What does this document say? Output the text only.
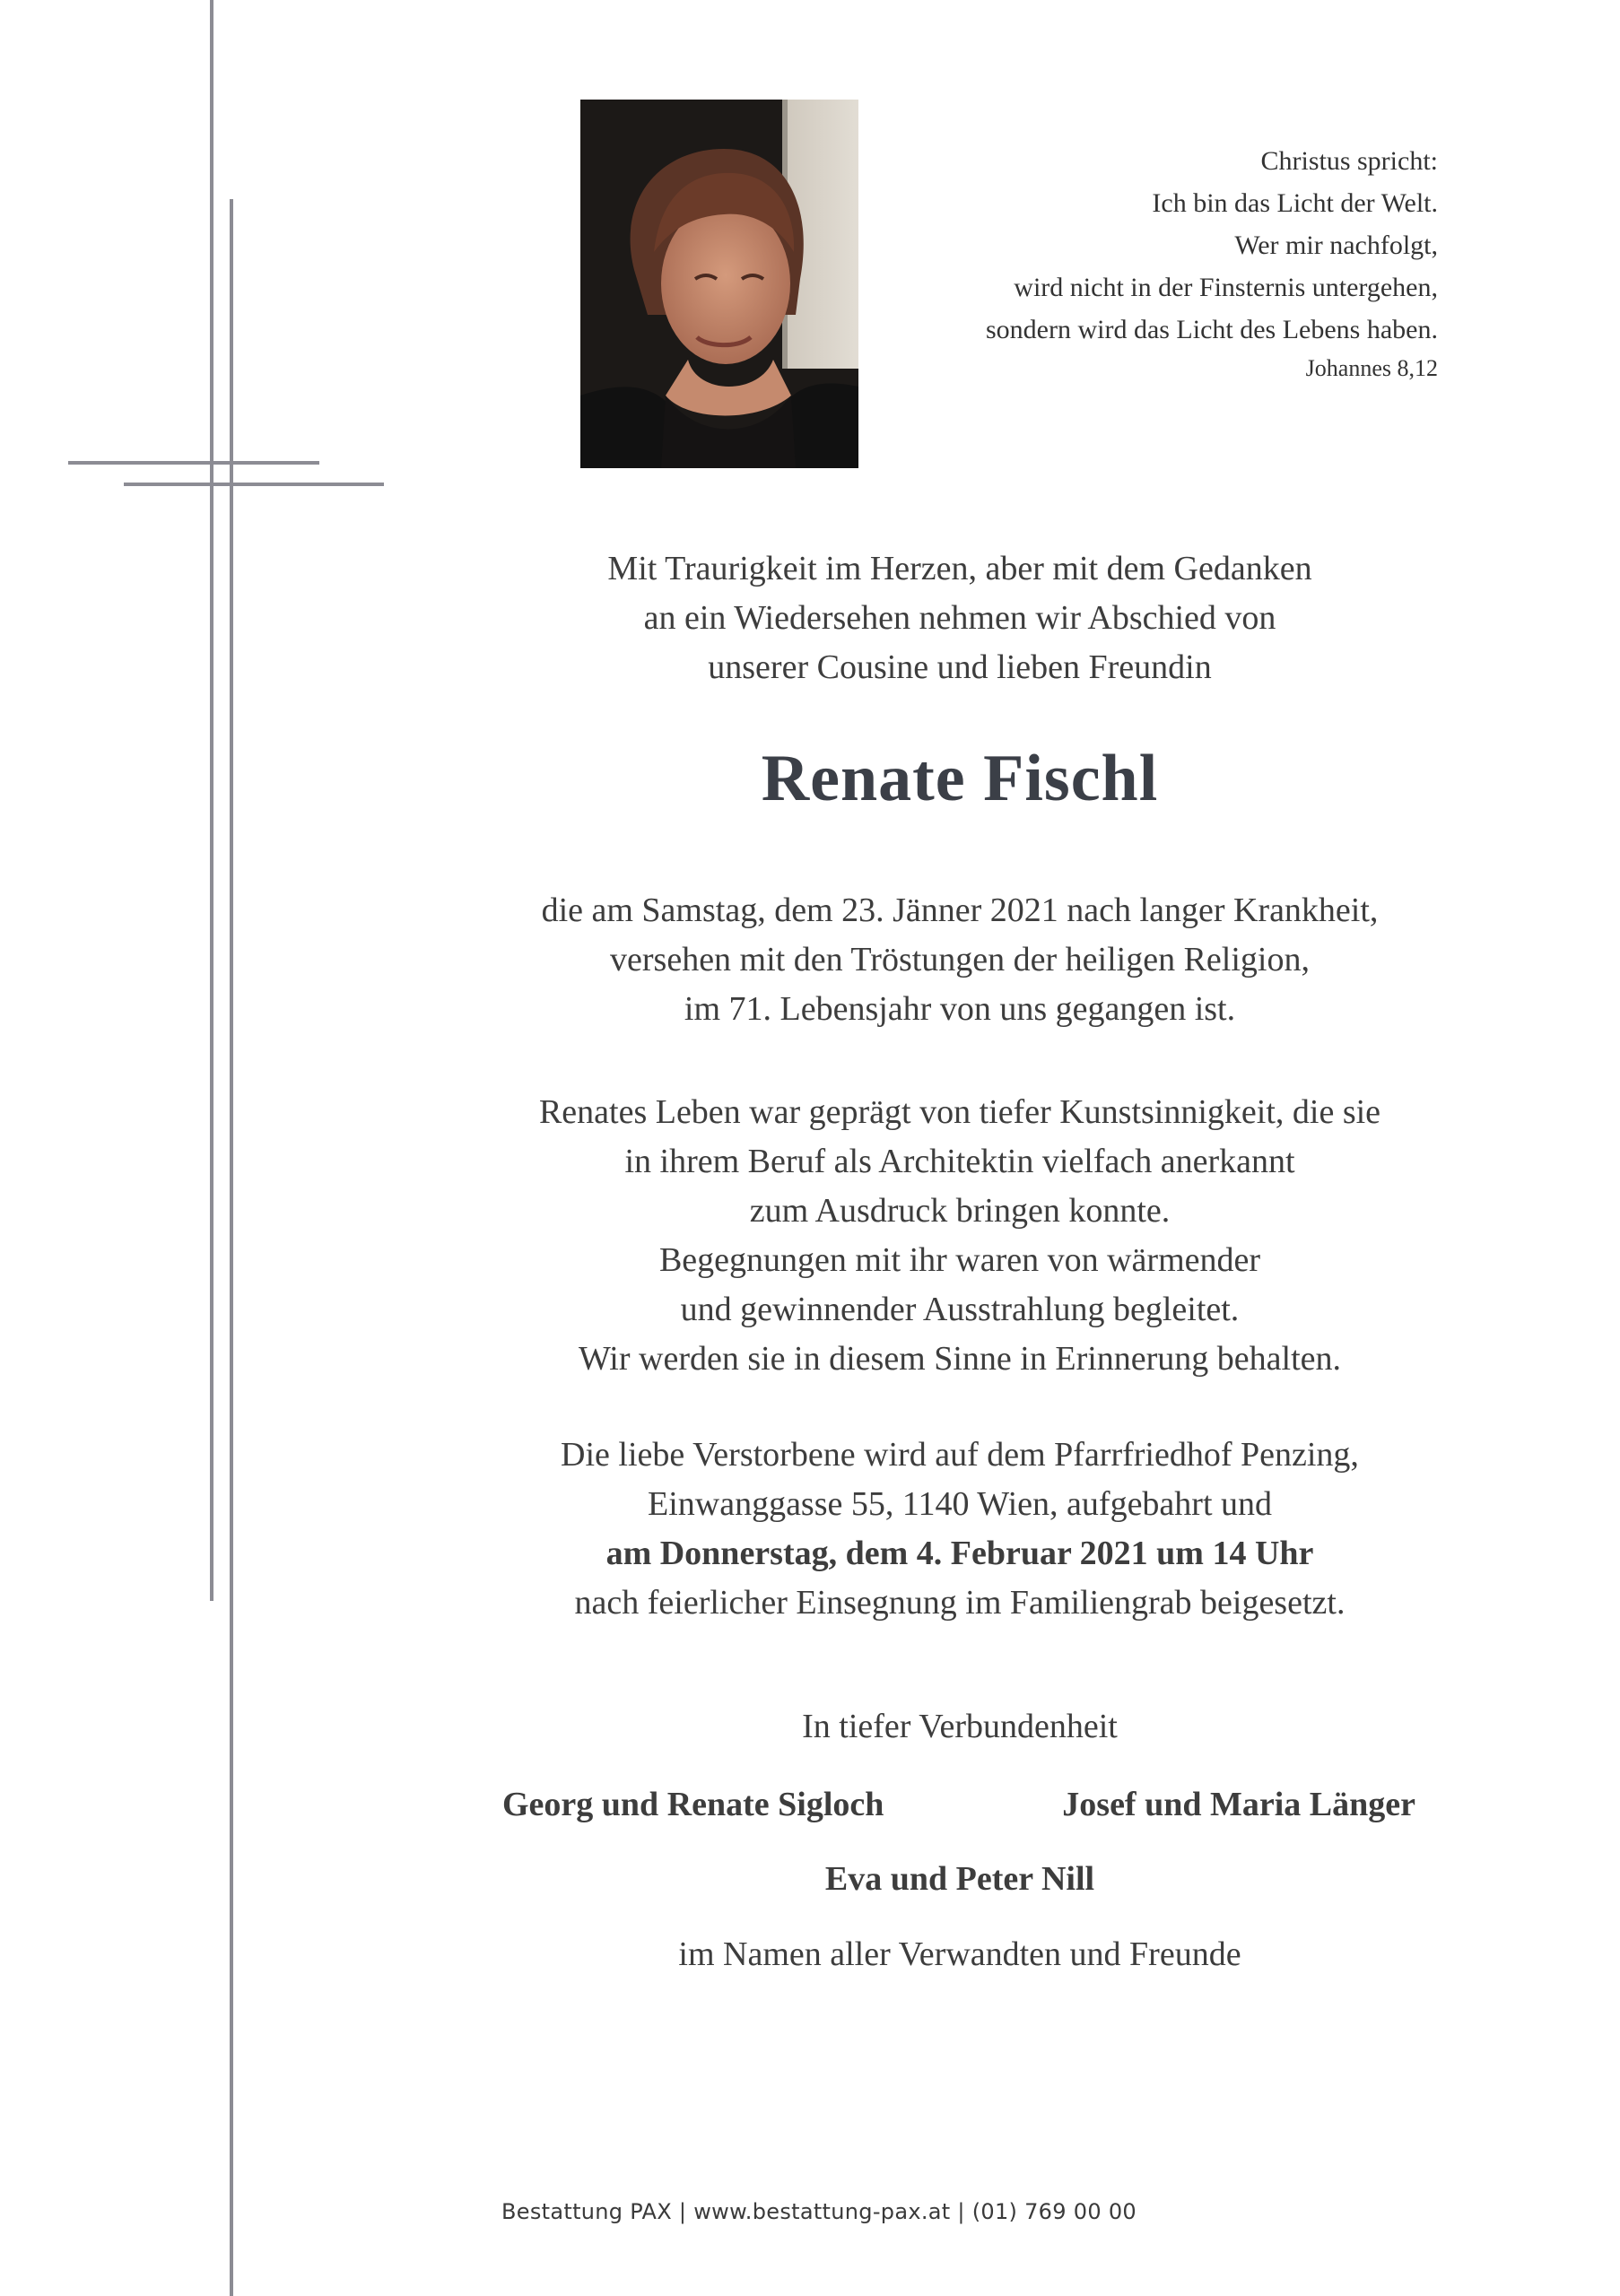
Christus spricht:
Ich bin das Licht der Welt.
Wer mir nachfolgt,
wird nicht in der Finsternis untergehen,
sondern wird das Licht des Lebens haben.
Johannes 8,12
Mit Traurigkeit im Herzen, aber mit dem Gedanken
an ein Wiedersehen nehmen wir Abschied von
unserer Cousine und lieben Freundin
Renate Fischl
die am Samstag, dem 23. Jänner 2021 nach langer Krankheit,
versehen mit den Tröstungen der heiligen Religion,
im 71. Lebensjahr von uns gegangen ist.
Renates Leben war geprägt von tiefer Kunstsinnigkeit, die sie
in ihrem Beruf als Architektin vielfach anerkannt
zum Ausdruck bringen konnte.
Begegnungen mit ihr waren von wärmender
und gewinnender Ausstrahlung begleitet.
Wir werden sie in diesem Sinne in Erinnerung behalten.
Die liebe Verstorbene wird auf dem Pfarrfriedhof Penzing,
Einwanggasse 55, 1140 Wien, aufgebahrt und
am Donnerstag, dem 4. Februar 2021 um 14 Uhr
nach feierlicher Einsegnung im Familiengrab beigesetzt.
In tiefer Verbundenheit
Georg und Renate Sigloch	Josef und Maria Länger
Eva und Peter Nill
im Namen aller Verwandten und Freunde
Bestattung PAX | www.bestattung-pax.at | (01) 769 00 00
